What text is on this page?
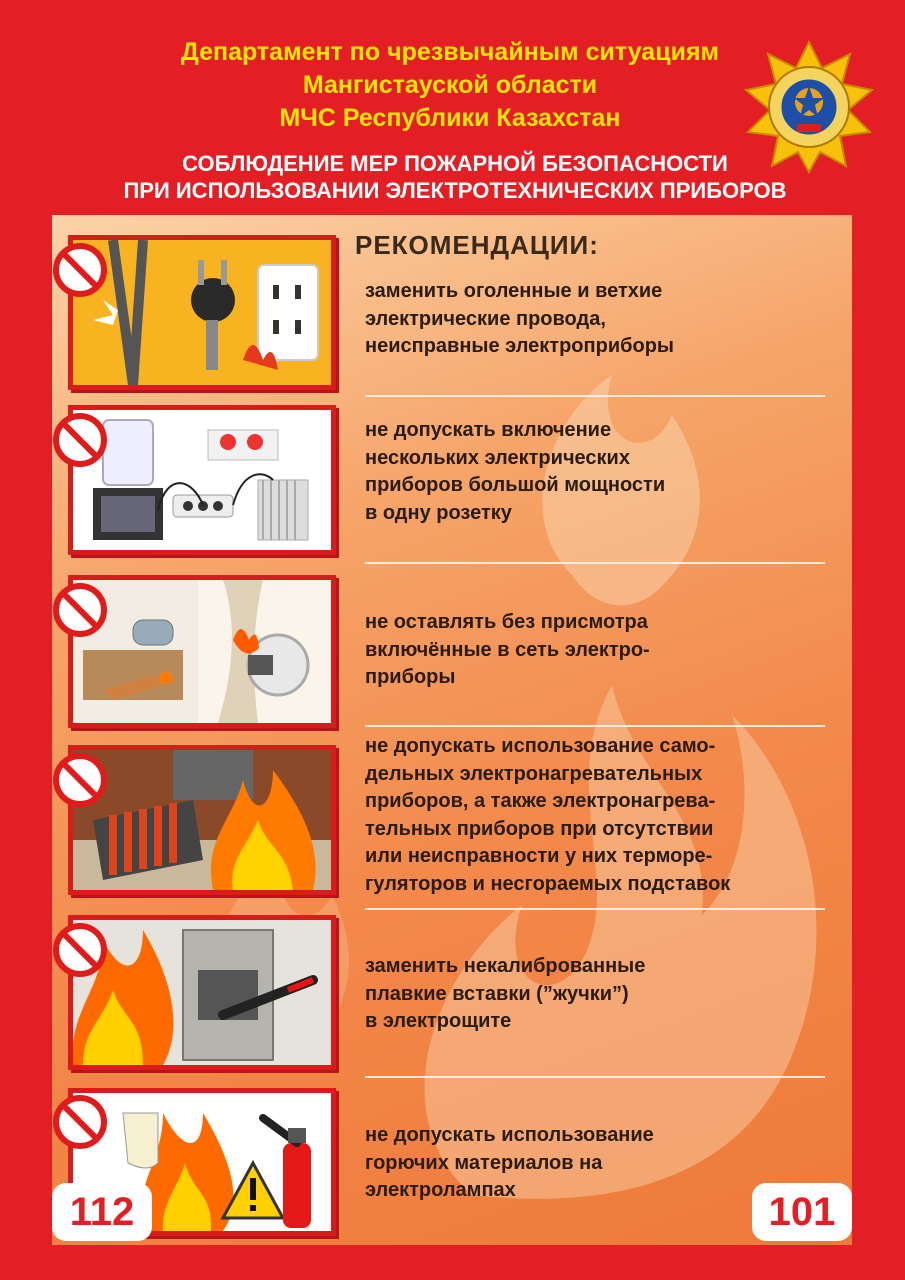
Департамент по чрезвычайным ситуациям
Мангистауской области
МЧС Республики Казахстан
СОБЛЮДЕНИЕ МЕР ПОЖАРНОЙ БЕЗОПАСНОСТИ
ПРИ ИСПОЛЬЗОВАНИИ ЭЛЕКТРОТЕХНИЧЕСКИХ ПРИБОРОВ
РЕКОМЕНДАЦИИ:
заменить оголенные и ветхие
электрические провода,
неисправные электроприборы
не допускать включение
нескольких электрических
приборов большой мощности
в одну розетку
не оставлять без присмотра
включённые в сеть электро-
приборы
не допускать использование само-
дельных электронагревательных
приборов, а также электронагрева-
тельных приборов при отсутствии
или неисправности у них терморе-
гуляторов и несгораемых подставок
заменить некалиброванные
плавкие вставки (”жучки”)
в электрощите
не допускать использование
горючих материалов на
электролампах
112	101
